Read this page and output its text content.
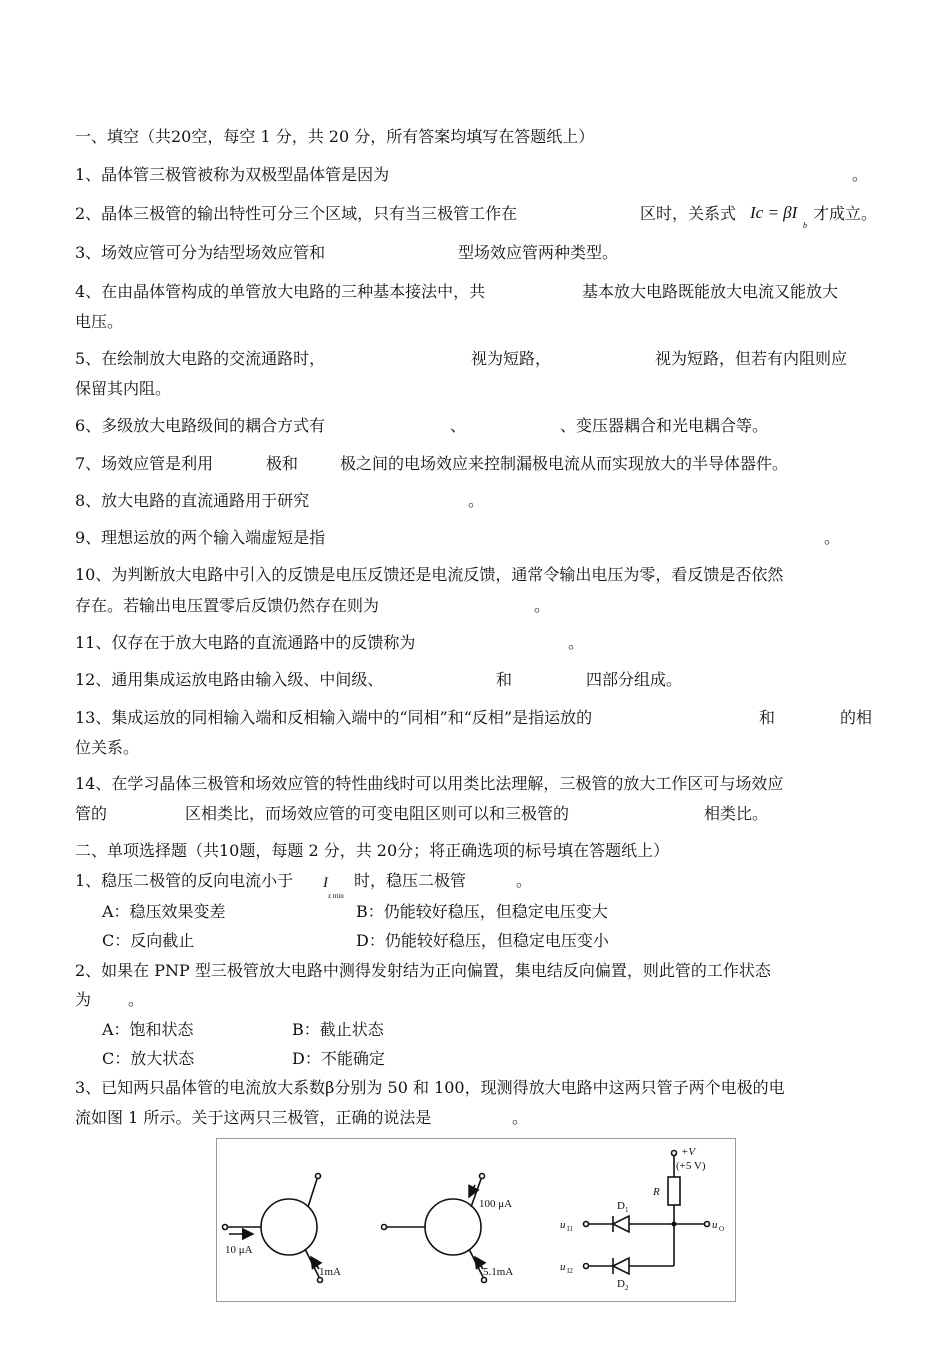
一、填空（共20空，每空 1 分，共 20 分，所有答案均填写在答题纸上）
1、晶体管三极管被称为双极型晶体管是因为	。
2、晶体三极管的输出特性可分三个区域，只有当三极管工作在	区时，关系式 Ic = βI
b
才成立。
3、场效应管可分为结型场效应管和	型场效应管两种类型。
4、在由晶体管构成的单管放大电路的三种基本接法中，共	基本放大电路既能放大电流又能放大
电压。
5、在绘制放大电路的交流通路时，	视为短路，	视为短路，但若有内阻则应
保留其内阻。
6、多级放大电路级间的耦合方式有	、	、变压器耦合和光电耦合等。
7、场效应管是利用	极和	极之间的电场效应来控制漏极电流从而实现放大的半导体器件。
8、放大电路的直流通路用于研究	。
9、理想运放的两个输入端虚短是指	。
10、为判断放大电路中引入的反馈是电压反馈还是电流反馈，通常令输出电压为零，看反馈是否依然
存在。若输出电压置零后反馈仍然存在则为	。
11、仅存在于放大电路的直流通路中的反馈称为	。
12、通用集成运放电路由输入级、中间级、	和	四部分组成。
13、集成运放的同相输入端和反相输入端中的“同相”和“反相”是指运放的	和	的相
位关系。
14、在学习晶体三极管和场效应管的特性曲线时可以用类比法理解，三极管的放大工作区可与场效应
管的	区相类比，而场效应管的可变电阻区则可以和三极管的	相类比。
二、单项选择题（共10题，每题 2 分，共 20分；将正确选项的标号填在答题纸上）
1、稳压二极管的反向电流小于 I
z min
时，稳压二极管	。
A：稳压效果变差	B：仍能较好稳压，但稳定电压变大
C：反向截止	D：仍能较好稳压，但稳定电压变小
2、如果在 PNP 型三极管放大电路中测得发射结为正向偏置，集电结反向偏置，则此管的工作状态
为 。
A：饱和状态	B：截止状态
C：放大状态	D：不能确定
3、已知两只晶体管的电流放大系数β分别为 50 和 100，现测得放大电路中这两只管子两个电极的电
流如图 1 所示。关于这两只三极管，正确的说法是	。
10 μA
1mA
100 μA
5.1mA
+V
(+5 V)
R
D 1
D 2
u I1
u I2
u O
